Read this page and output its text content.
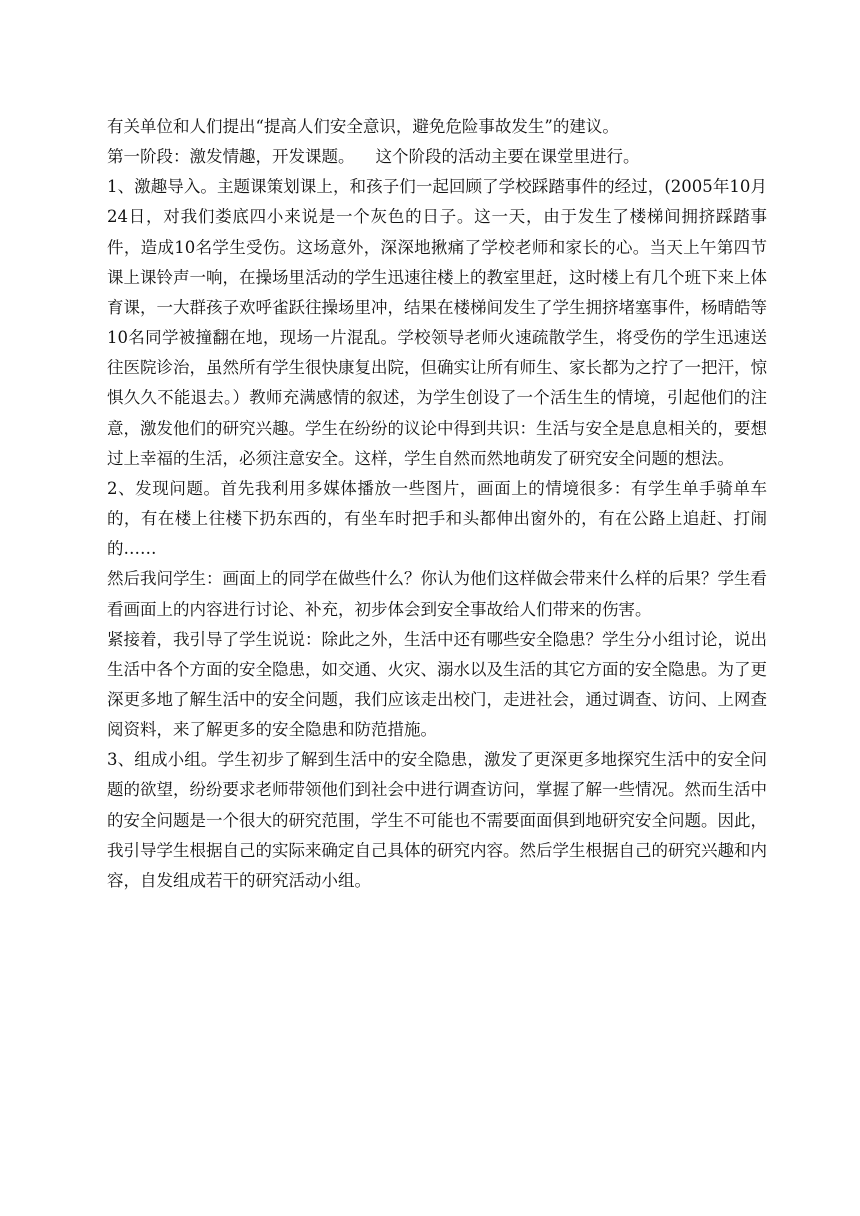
有关单位和人们提出“提高人们安全意识，避免危险事故发生”的建议。

第一阶段：激发情趣，开发课题。    这个阶段的活动主要在课堂里进行。

1、激趣导入。主题课策划课上，和孩子们一起回顾了学校踩踏事件的经过，(2005年10月24日，对我们娄底四小来说是一个灰色的日子。这一天，由于发生了楼梯间拥挤踩踏事件，造成10名学生受伤。这场意外，深深地揪痛了学校老师和家长的心。当天上午第四节课上课铃声一响，在操场里活动的学生迅速往楼上的教室里赶，这时楼上有几个班下来上体育课，一大群孩子欢呼雀跃往操场里冲，结果在楼梯间发生了学生拥挤堵塞事件，杨晴皓等10名同学被撞翻在地，现场一片混乱。学校领导老师火速疏散学生，将受伤的学生迅速送往医院诊治，虽然所有学生很快康复出院，但确实让所有师生、家长都为之拧了一把汗，惊惧久久不能退去。）教师充满感情的叙述，为学生创设了一个活生生的情境，引起他们的注意，激发他们的研究兴趣。学生在纷纷的议论中得到共识：生活与安全是息息相关的，要想过上幸福的生活，必须注意安全。这样，学生自然而然地萌发了研究安全问题的想法。

2、发现问题。首先我利用多媒体播放一些图片，画面上的情境很多：有学生单手骑单车的，有在楼上往楼下扔东西的，有坐车时把手和头都伸出窗外的，有在公路上追赶、打闹的……

然后我问学生：画面上的同学在做些什么？你认为他们这样做会带来什么样的后果？学生看看画面上的内容进行讨论、补充，初步体会到安全事故给人们带来的伤害。

紧接着，我引导了学生说说：除此之外，生活中还有哪些安全隐患？学生分小组讨论，说出生活中各个方面的安全隐患，如交通、火灾、溺水以及生活的其它方面的安全隐患。为了更深更多地了解生活中的安全问题，我们应该走出校门，走进社会，通过调查、访问、上网查阅资料，来了解更多的安全隐患和防范措施。

3、组成小组。学生初步了解到生活中的安全隐患，激发了更深更多地探究生活中的安全问题的欲望，纷纷要求老师带领他们到社会中进行调查访问，掌握了解一些情况。然而生活中的安全问题是一个很大的研究范围，学生不可能也不需要面面俱到地研究安全问题。因此，我引导学生根据自己的实际来确定自己具体的研究内容。然后学生根据自己的研究兴趣和内容，自发组成若干的研究活动小组。
